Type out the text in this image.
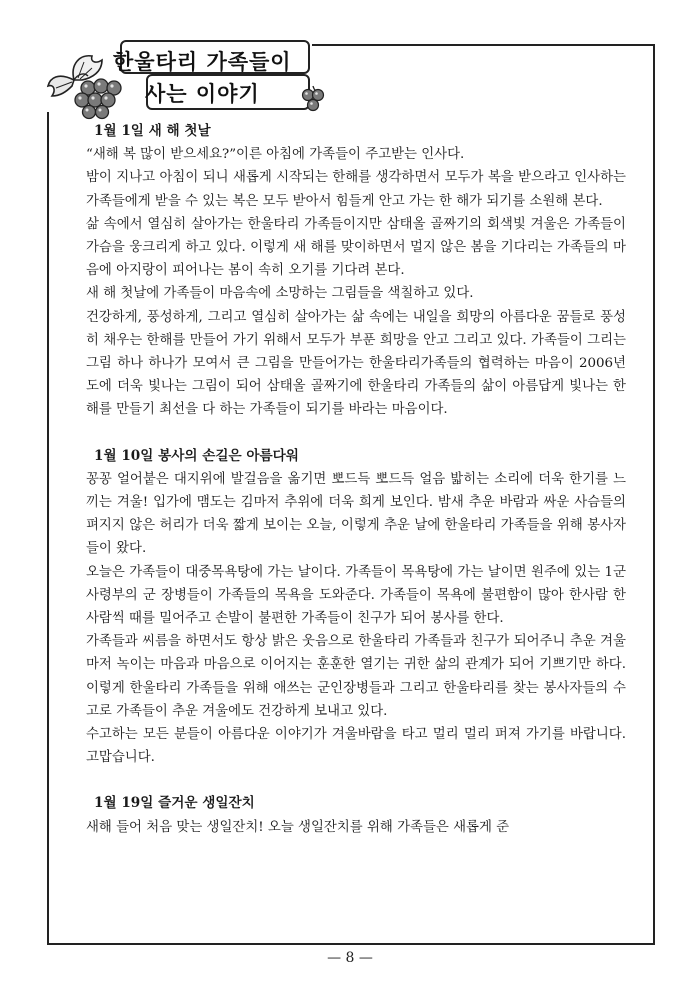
한울타리 가족들이
사는 이야기

1월 1일 새 해 첫날

“새해 복 많이 받으세요?”이른 아침에 가족들이 주고받는 인사다.

밤이 지나고 아침이 되니 새롭게 시작되는 한해를 생각하면서 모두가 복을 받으라고 인사하는 가족들에게 받을 수 있는 복은 모두 받아서 힘들게 안고 가는 한 해가 되기를 소원해 본다.

삶 속에서 열심히 살아가는 한울타리 가족들이지만 삼태올 골짜기의 회색빛 겨울은 가족들이 가슴을 웅크리게 하고 있다. 이렇게 새 해를 맞이하면서 멀지 않은 봄을 기다리는 가족들의 마음에 아지랑이 피어나는 봄이 속히 오기를 기다려 본다.

새 해 첫날에 가족들이 마음속에 소망하는 그림들을 색칠하고 있다.

건강하게, 풍성하게, 그리고 열심히 살아가는 삶 속에는 내일을 희망의 아름다운 꿈들로 풍성히 채우는 한해를 만들어 가기 위해서 모두가 부푼 희망을 안고 그리고 있다. 가족들이 그리는 그림 하나 하나가 모여서 큰 그림을 만들어가는 한울타리가족들의 협력하는 마음이 2006년도에 더욱 빛나는 그림이 되어 삼태올 골짜기에 한울타리 가족들의 삶이 아름답게 빛나는 한 해를 만들기 최선을 다 하는 가족들이 되기를 바라는 마음이다.

1월 10일 봉사의 손길은 아름다워

꽁꽁 얼어붙은 대지위에 발걸음을 옮기면 뽀드득 뽀드득 얼음 밟히는 소리에 더욱 한기를 느끼는 겨울! 입가에 맴도는 김마저 추위에 더욱 희게 보인다. 밤새 추운 바람과 싸운 사슴들의 펴지지 않은 허리가 더욱 짧게 보이는 오늘, 이렇게 추운 날에 한울타리 가족들을 위해 봉사자들이 왔다.

오늘은 가족들이 대중목욕탕에 가는 날이다. 가족들이 목욕탕에 가는 날이면 원주에 있는 1군 사령부의 군 장병들이 가족들의 목욕을 도와준다. 가족들이 목욕에 불편함이 많아 한사람 한사람씩 때를 밀어주고 손발이 불편한 가족들이 친구가 되어 봉사를 한다.

가족들과 씨름을 하면서도 항상 밝은 웃음으로 한울타리 가족들과 친구가 되어주니 추운 겨울마저 녹이는 마음과 마음으로 이어지는 훈훈한 열기는 귀한 삶의 관계가 되어 기쁘기만 하다. 이렇게 한울타리 가족들을 위해 애쓰는 군인장병들과 그리고 한울타리를 찾는 봉사자들의 수고로 가족들이 추운 겨울에도 건강하게 보내고 있다.

수고하는 모든 분들이 아름다운 이야기가 겨울바람을 타고 멀리 멀리 퍼져 가기를 바랍니다. 고맙습니다.

1월 19일 즐거운 생일잔치

새해 들어 처음 맞는 생일잔치! 오늘 생일잔치를 위해 가족들은 새롭게 준

— 8 —
